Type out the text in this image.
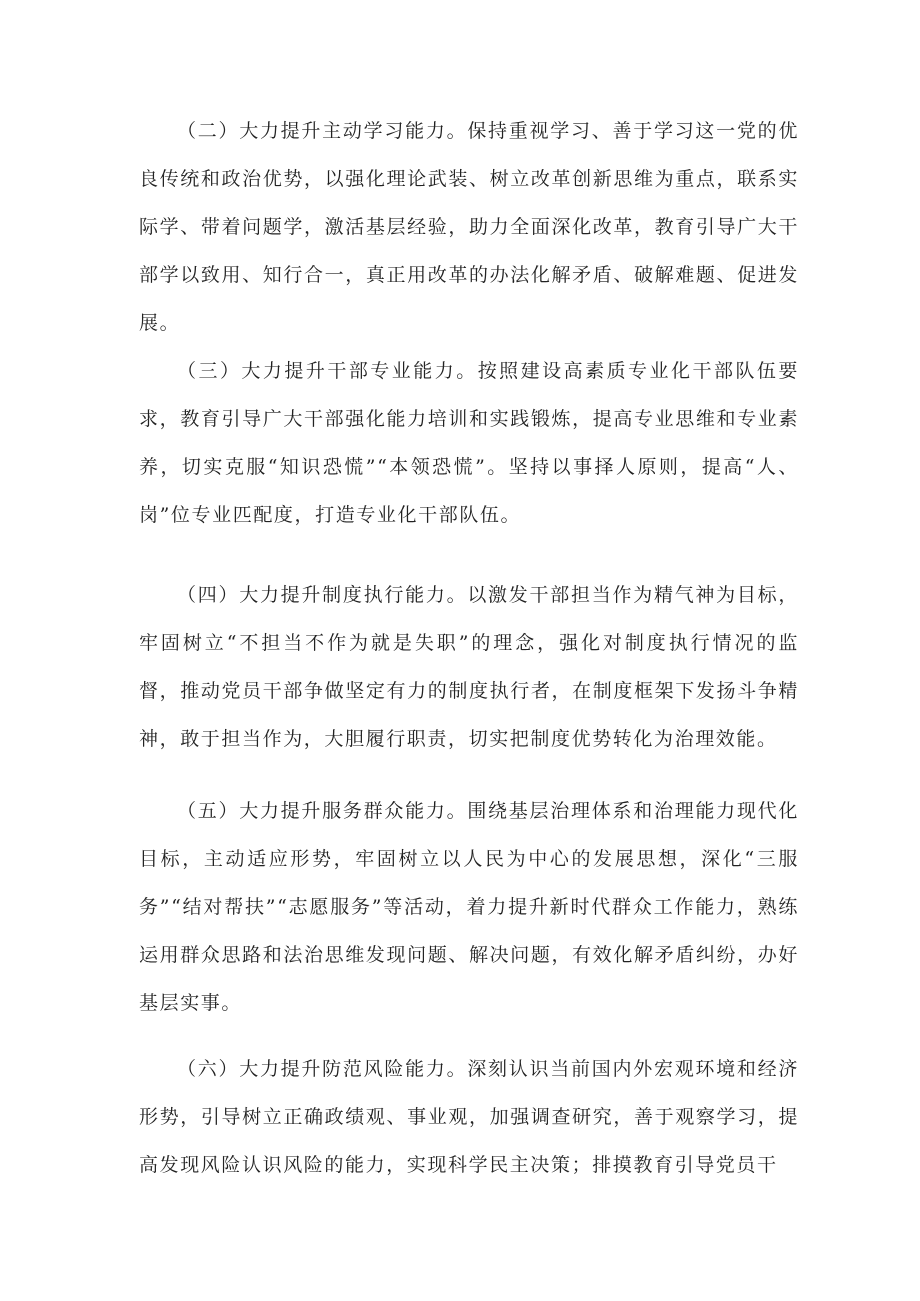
（二）大力提升主动学习能力。保持重视学习、善于学习这一党的优良传统和政治优势，以强化理论武装、树立改革创新思维为重点，联系实际学、带着问题学，激活基层经验，助力全面深化改革，教育引导广大干部学以致用、知行合一，真正用改革的办法化解矛盾、破解难题、促进发展。

（三）大力提升干部专业能力。按照建设高素质专业化干部队伍要求，教育引导广大干部强化能力培训和实践锻炼，提高专业思维和专业素养，切实克服“知识恐慌”“本领恐慌”。坚持以事择人原则，提高“人、岗”位专业匹配度，打造专业化干部队伍。

（四）大力提升制度执行能力。以激发干部担当作为精气神为目标，牢固树立“不担当不作为就是失职”的理念，强化对制度执行情况的监督，推动党员干部争做坚定有力的制度执行者，在制度框架下发扬斗争精神，敢于担当作为，大胆履行职责，切实把制度优势转化为治理效能。

（五）大力提升服务群众能力。围绕基层治理体系和治理能力现代化目标，主动适应形势，牢固树立以人民为中心的发展思想，深化“三服务”“结对帮扶”“志愿服务”等活动，着力提升新时代群众工作能力，熟练运用群众思路和法治思维发现问题、解决问题，有效化解矛盾纠纷，办好基层实事。

（六）大力提升防范风险能力。深刻认识当前国内外宏观环境和经济形势，引导树立正确政绩观、事业观，加强调查研究，善于观察学习，提高发现风险认识风险的能力，实现科学民主决策；排摸教育引导党员干
